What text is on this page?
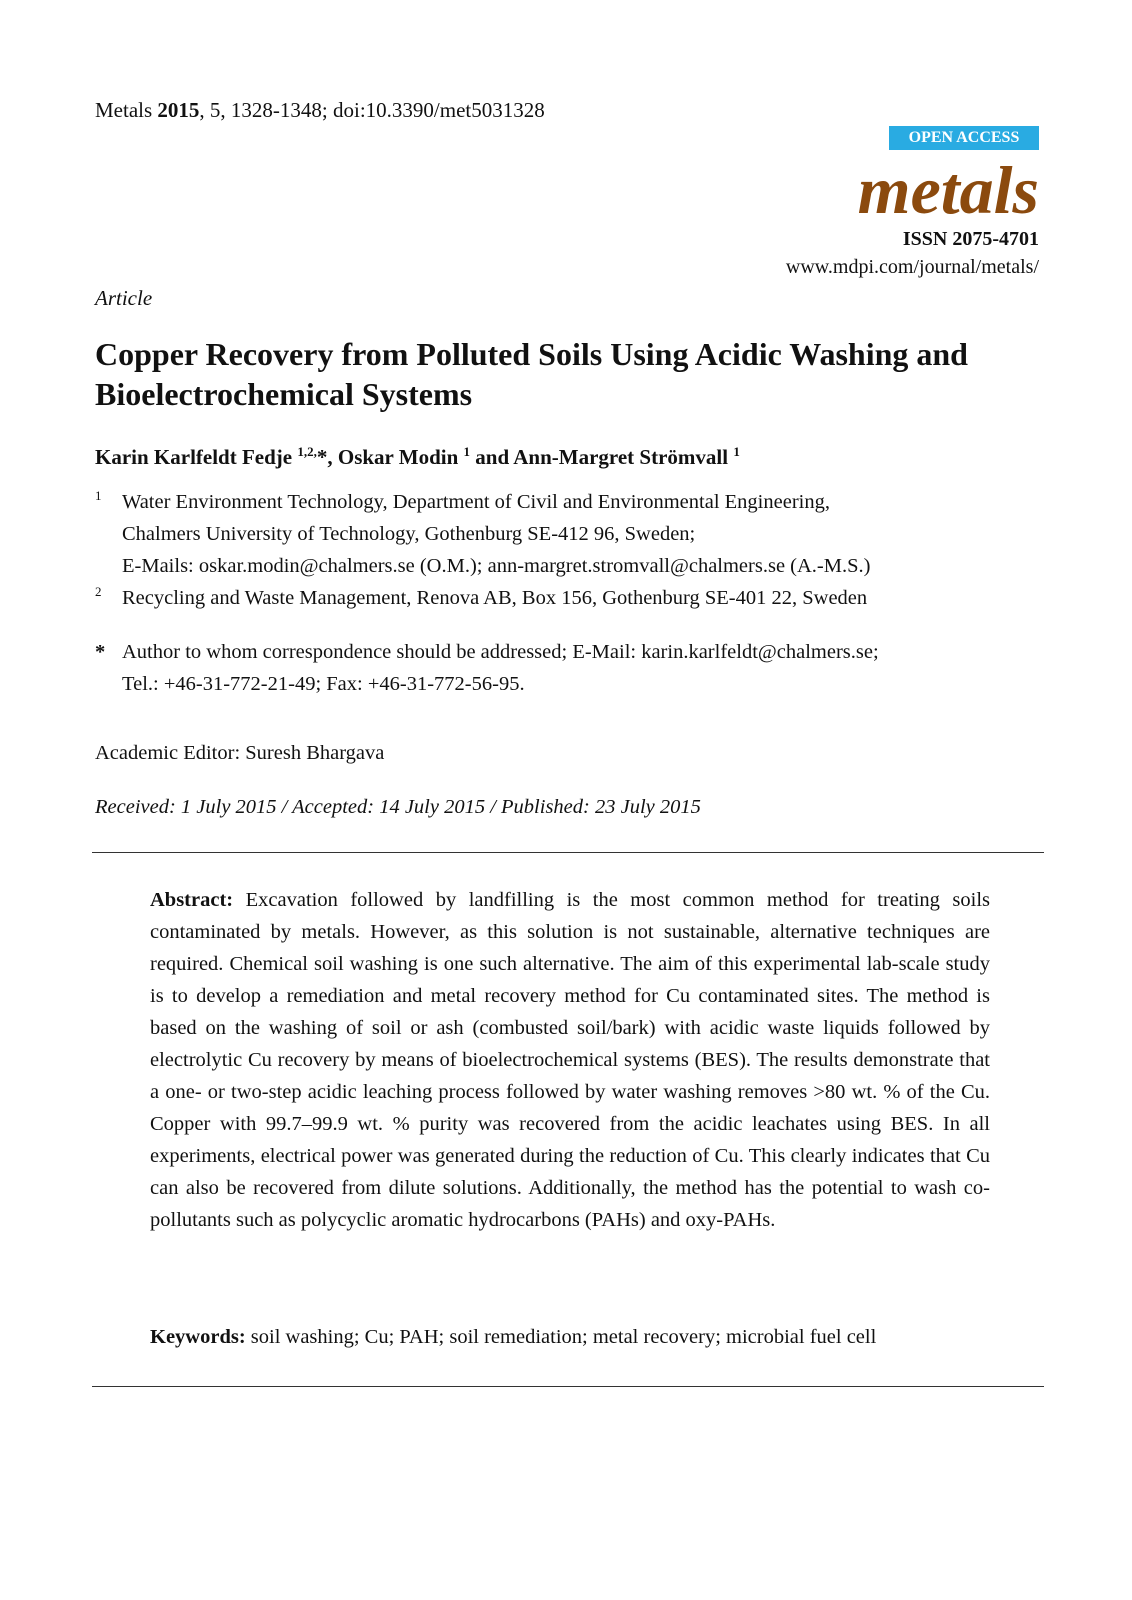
Metals 2015, 5, 1328-1348; doi:10.3390/met5031328
OPEN ACCESS
metals
ISSN 2075-4701
www.mdpi.com/journal/metals/
Article
Copper Recovery from Polluted Soils Using Acidic Washing and Bioelectrochemical Systems
Karin Karlfeldt Fedje $^{1,2,}$*, Oskar Modin $^1$ and Ann-Margret Strömvall $^1$
1 Water Environment Technology, Department of Civil and Environmental Engineering,
Chalmers University of Technology, Gothenburg SE-412 96, Sweden;
E-Mails: oskar.modin@chalmers.se (O.M.); ann-margret.stromvall@chalmers.se (A.-M.S.)
2 Recycling and Waste Management, Renova AB, Box 156, Gothenburg SE-401 22, Sweden
* Author to whom correspondence should be addressed; E-Mail: karin.karlfeldt@chalmers.se;
Tel.: +46-31-772-21-49; Fax: +46-31-772-56-95.
Academic Editor: Suresh Bhargava
Received: 1 July 2015 / Accepted: 14 July 2015 / Published: 23 July 2015
Abstract: Excavation followed by landfilling is the most common method for treating soils contaminated by metals. However, as this solution is not sustainable, alternative techniques are required. Chemical soil washing is one such alternative. The aim of this experimental lab-scale study is to develop a remediation and metal recovery method for Cu contaminated sites. The method is based on the washing of soil or ash (combusted soil/bark) with acidic waste liquids followed by electrolytic Cu recovery by means of bioelectrochemical systems (BES). The results demonstrate that a one- or two-step acidic leaching process followed by water washing removes >80 wt. % of the Cu. Copper with 99.7–99.9 wt. % purity was recovered from the acidic leachates using BES. In all experiments, electrical power was generated during the reduction of Cu. This clearly indicates that Cu can also be recovered from dilute solutions. Additionally, the method has the potential to wash co-pollutants such as polycyclic aromatic hydrocarbons (PAHs) and oxy-PAHs.
Keywords: soil washing; Cu; PAH; soil remediation; metal recovery; microbial fuel cell
